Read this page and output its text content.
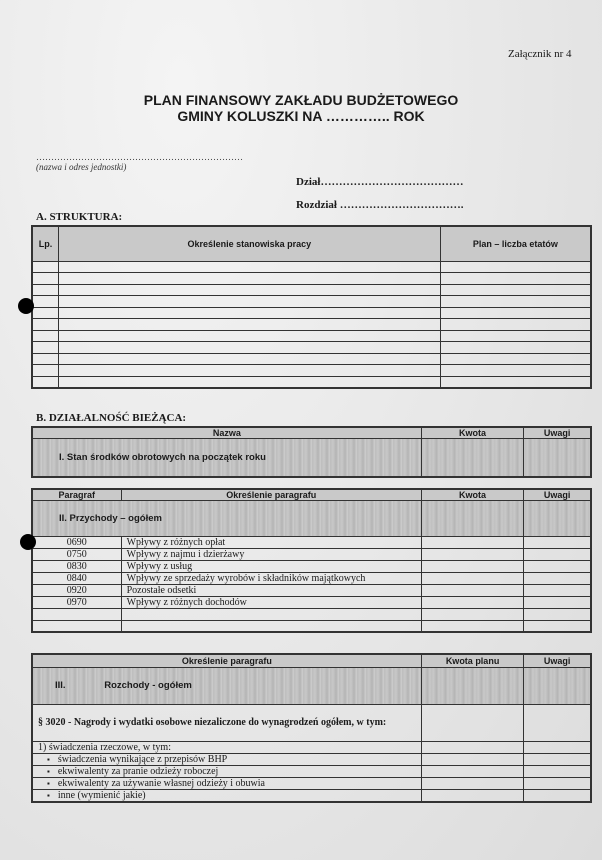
Załącznik nr 4
PLAN FINANSOWY ZAKŁADU BUDŻETOWEGO
GMINY KOLUSZKI NA ………….. ROK
……………………………………………………………
(nazwa i odres jednostki)
Dział…………………………………
Rozdział …………………………….
A. STRUKTURA:
Lp.	Określenie stanowiska pracy	Plan – liczba etatów

B. DZIAŁALNOŚĆ BIEŻĄCA:
Nazwa	Kwota	Uwagi
I. Stan środków obrotowych na początek roku		
Paragraf	Określenie paragrafu	Kwota	Uwagi
II. Przychody – ogółem			
0690	Wpływy z różnych opłat		
0750	Wpływy z najmu i dzierżawy		
0830	Wpływy z usług		
0840	Wpływy ze sprzedaży wyrobów i składników majątkowych		
0920	Pozostałe odsetki		
0970	Wpływy z różnych dochodów		

Określenie paragrafu	Kwota planu	Uwagi
III. Rozchody - ogółem		
§ 3020 - Nagrody i wydatki osobowe niezaliczone do wynagrodzeń ogółem, w tym:		
1) świadczenia rzeczowe, w tym:		
▪ świadczenia wynikające z przepisów BHP		
▪ ekwiwalenty za pranie odzieży roboczej		
▪ ekwiwalenty za używanie własnej odzieży i obuwia		
▪ inne (wymienić jakie)		
